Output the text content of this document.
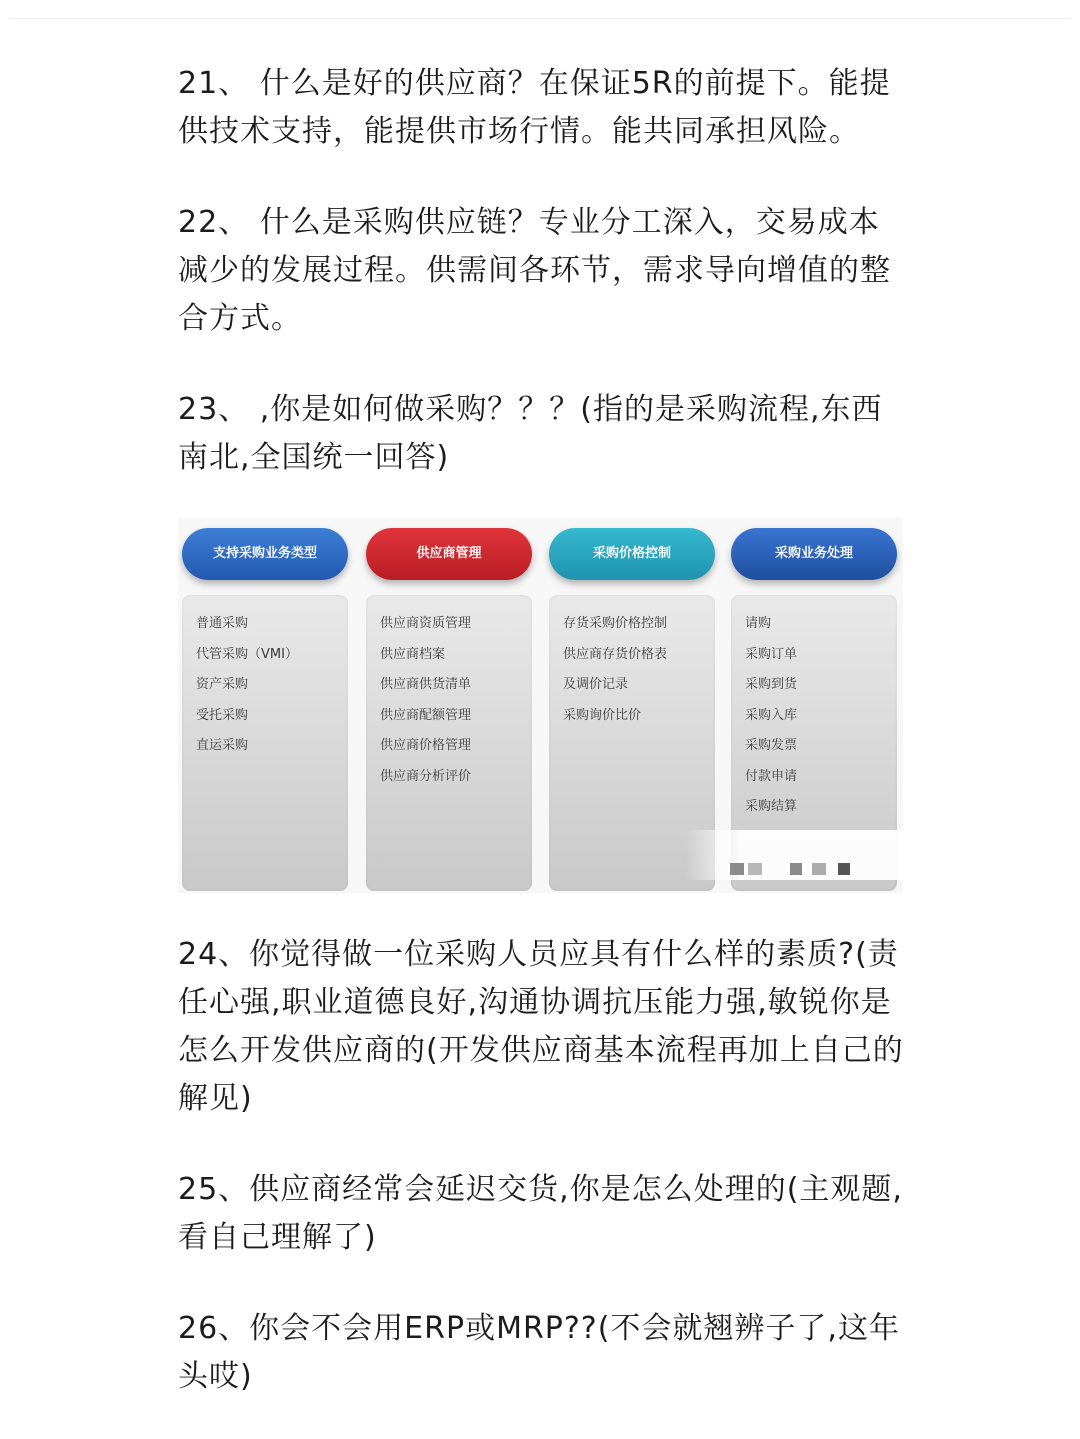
21、 什么是好的供应商？在保证5R的前提下。能提供技术支持，能提供市场行情。能共同承担风险。

22、 什么是采购供应链？专业分工深入，交易成本减少的发展过程。供需间各环节，需求导向增值的整合方式。

23、 ,你是如何做采购？？？(指的是采购流程,东西南北,全国统一回答)

支持采购业务类型
普通采购
代管采购（VMI）
资产采购
受托采购
直运采购
供应商管理
供应商资质管理
供应商档案
供应商供货清单
供应商配额管理
供应商价格管理
供应商分析评价
采购价格控制
存货采购价格控制
供应商存货价格表
及调价记录
采购询价比价
采购业务处理
请购
采购订单
采购到货
采购入库
采购发票
付款申请
采购结算

24、你觉得做一位采购人员应具有什么样的素质?(责任心强,职业道德良好,沟通协调抗压能力强,敏锐你是怎么开发供应商的(开发供应商基本流程再加上自己的解见)

25、供应商经常会延迟交货,你是怎么处理的(主观题,看自己理解了)

26、你会不会用ERP或MRP??(不会就翘辨子了,这年头哎)
